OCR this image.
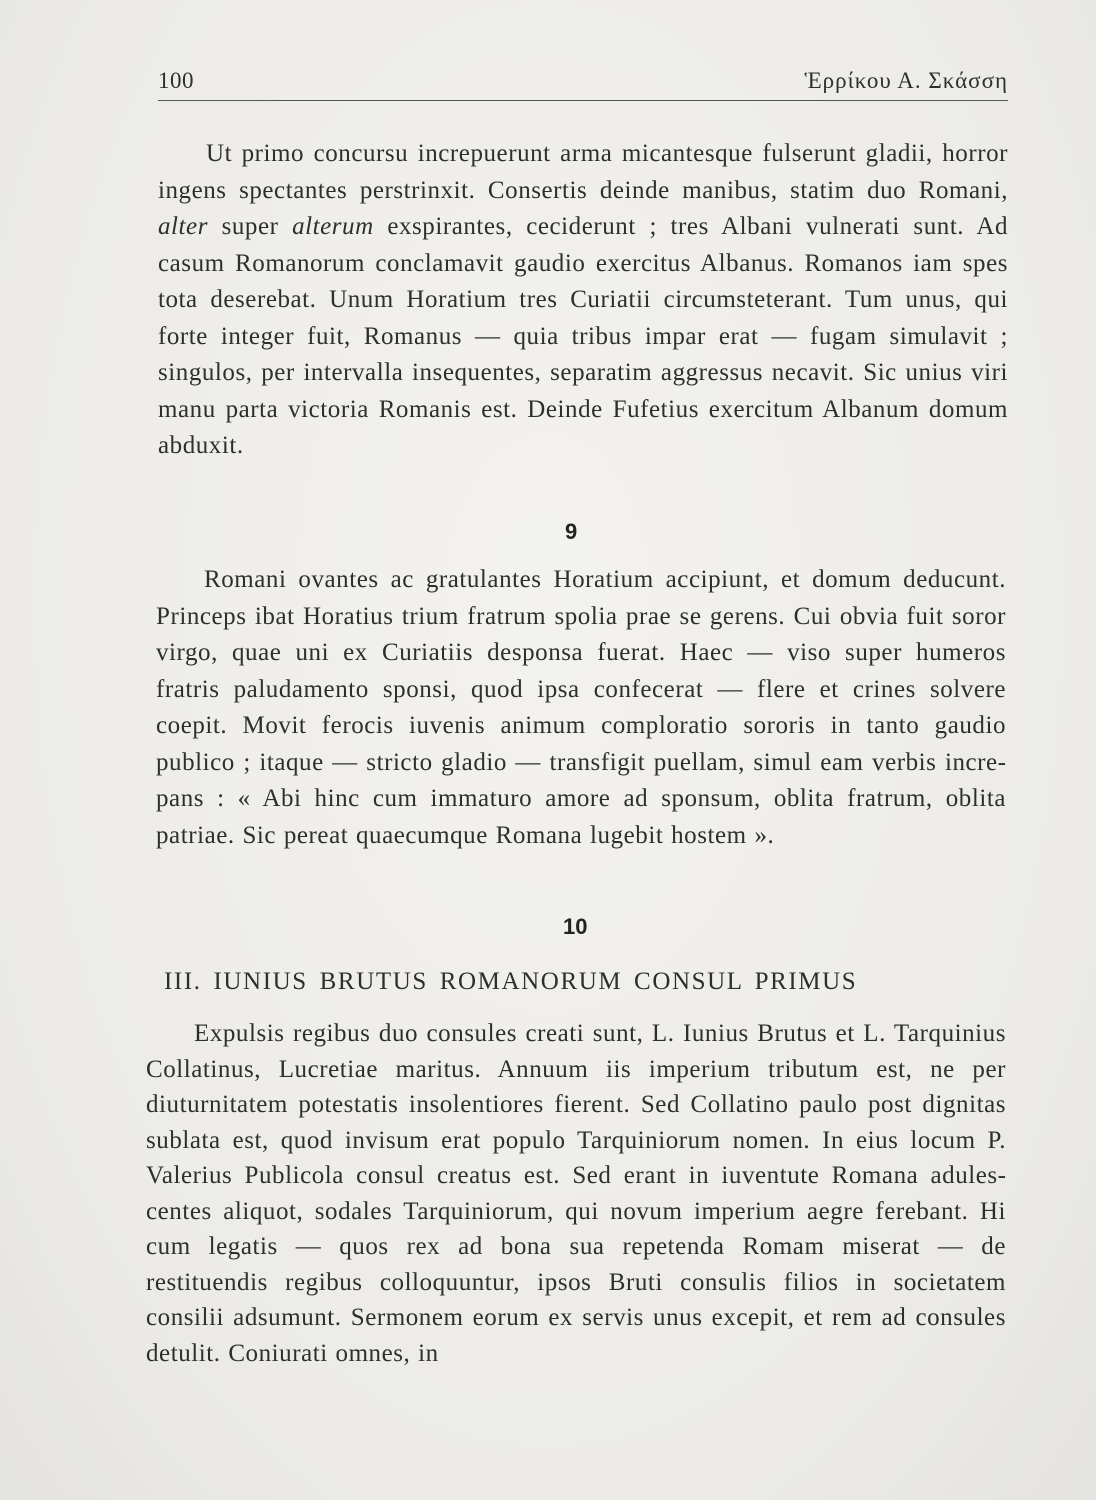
100	Ἑρρίκου Α. Σκάσση

Ut primo concursu increpuerunt arma micantesque fulserunt gladii, horror ingens spectantes perstrinxit. Consertis deinde manibus, statim duo Romani, alter super alterum exspirantes, ceciderunt ; tres Albani vulnerati sunt. Ad casum Romanorum conclamavit gaudio exercitus Albanus. Romanos iam spes tota deserebat. Unum Horatium tres Curiatii circumsteterant. Tum unus, qui forte integer fuit, Romanus — quia tribus impar erat — fugam simulavit ; singulos, per intervalla insequentes, separatim aggressus necavit. Sic unius viri manu parta victoria Romanis est. Deinde Fufetius exercitum Albanum domum abduxit.

9

Romani ovantes ac gratulantes Horatium accipiunt, et domum deducunt. Princeps ibat Horatius trium fratrum spolia prae se gerens. Cui obvia fuit soror virgo, quae uni ex Curiatiis desponsa fuerat. Haec — viso super humeros fratris paludamento sponsi, quod ipsa confecerat — flere et crines solvere coepit. Movit ferocis iuvenis animum comploratio sororis in tanto gaudio publico ; itaque — stricto gladio — transfigit puellam, simul eam verbis increpans : « Abi hinc cum immaturo amore ad sponsum, oblita fratrum, oblita patriae. Sic pereat quaecumque Romana lugebit hostem ».

10
III. IUNIUS BRUTUS ROMANORUM CONSUL PRIMUS

Expulsis regibus duo consules creati sunt, L. Iunius Brutus et L. Tarquinius Collatinus, Lucretiae maritus. Annuum iis imperium tributum est, ne per diuturnitatem potestatis insolentiores fierent. Sed Collatino paulo post dignitas sublata est, quod invisum erat populo Tarquiniorum nomen. In eius locum P. Valerius Publicola consul creatus est. Sed erant in iuventute Romana adulescentes aliquot, sodales Tarquiniorum, qui novum imperium aegre ferebant. Hi cum legatis — quos rex ad bona sua repetenda Romam miserat — de restituendis regibus colloquuntur, ipsos Bruti consulis filios in societatem consilii adsumunt. Sermonem eorum ex servis unus excepit, et rem ad consules detulit. Coniurati omnes, in
